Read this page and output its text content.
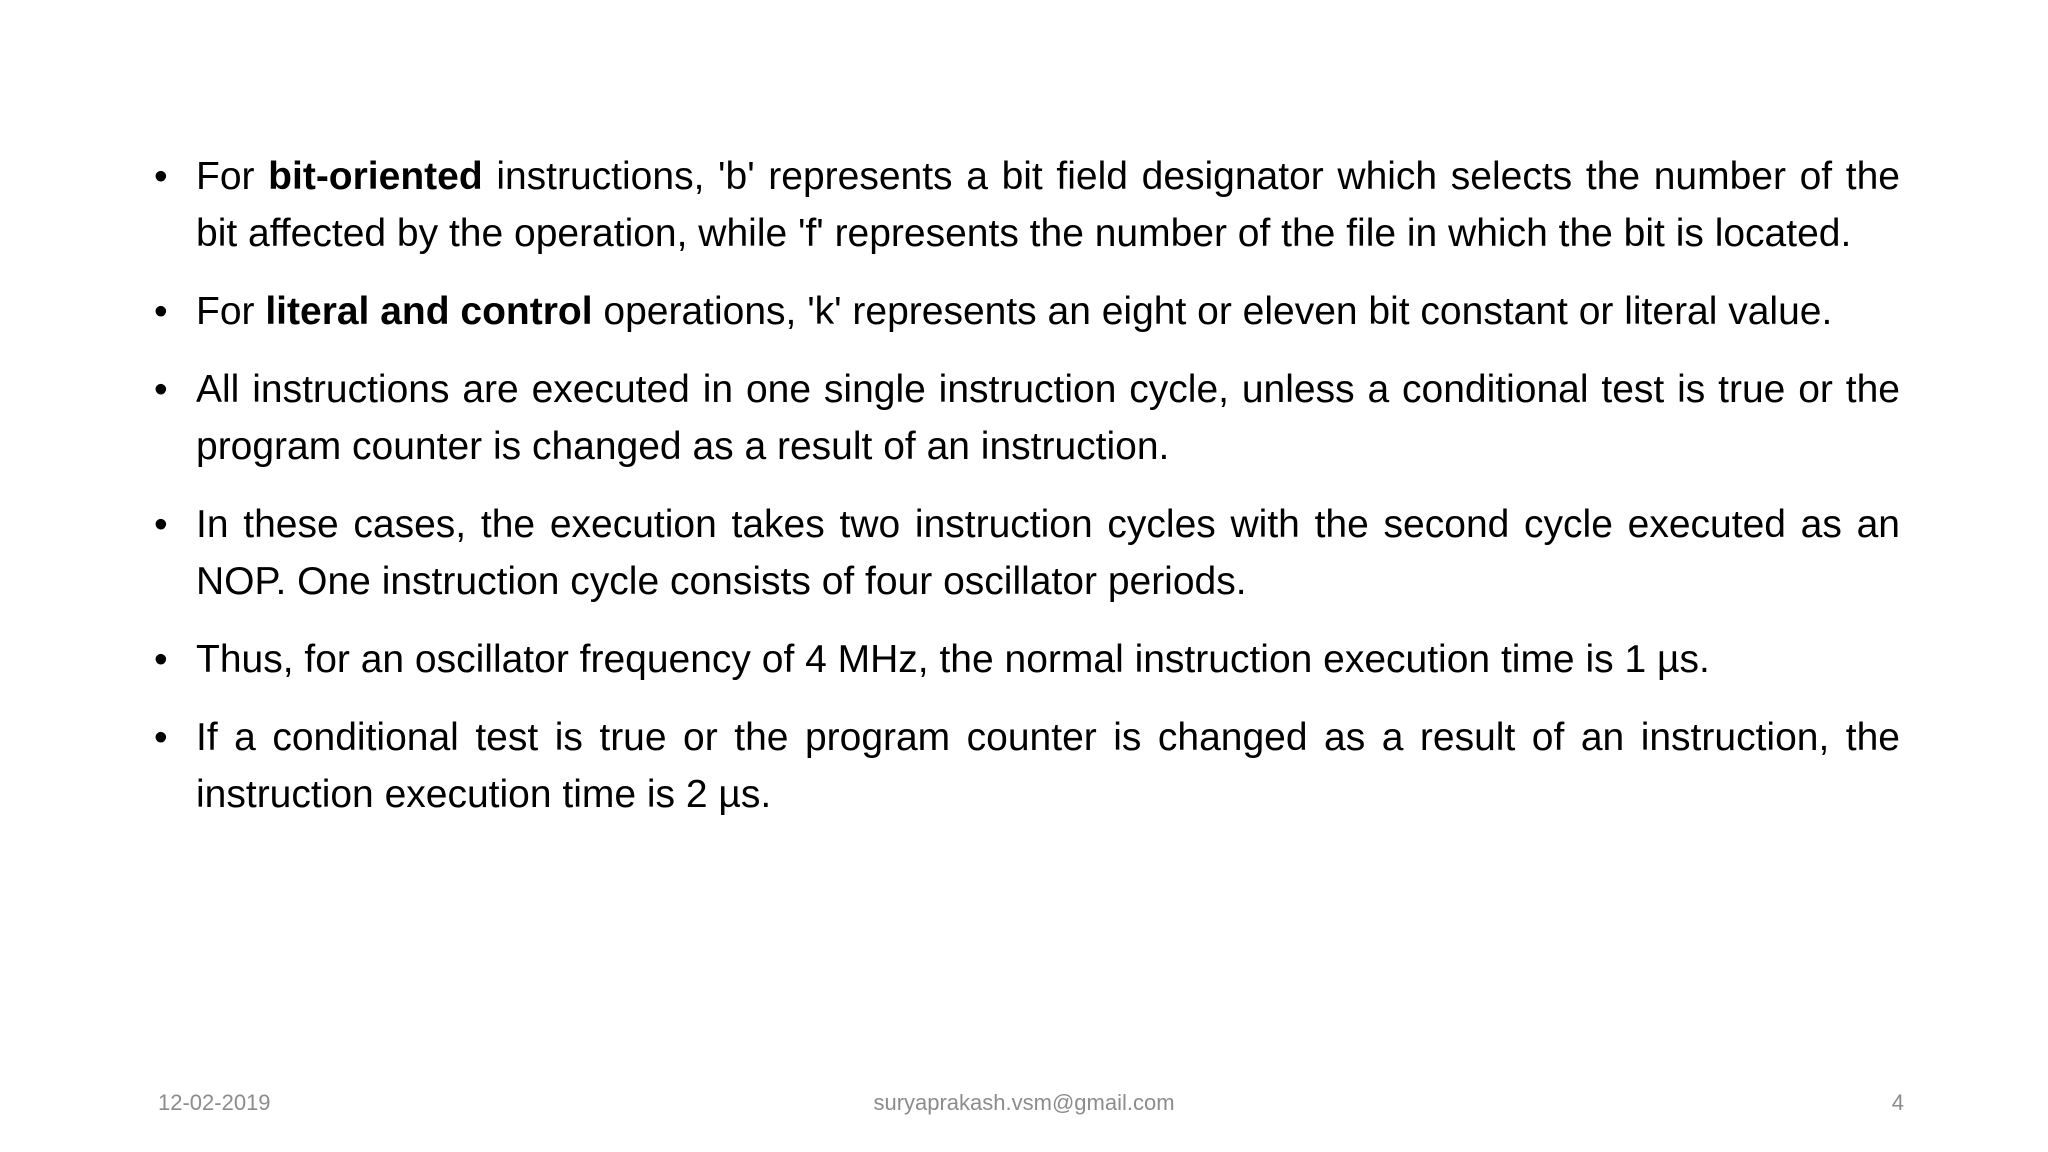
• For bit-oriented instructions, 'b' represents a bit field designator which selects the number of the bit affected by the operation, while 'f' represents the number of the file in which the bit is located.
• For literal and control operations, 'k' represents an eight or eleven bit constant or literal value.
• All instructions are executed in one single instruction cycle, unless a conditional test is true or the program counter is changed as a result of an instruction.
• In these cases, the execution takes two instruction cycles with the second cycle executed as an NOP. One instruction cycle consists of four oscillator periods.
• Thus, for an oscillator frequency of 4 MHz, the normal instruction execution time is 1 µs.
• If a conditional test is true or the program counter is changed as a result of an instruction, the instruction execution time is 2 µs.
12-02-2019	suryaprakash.vsm@gmail.com	4
